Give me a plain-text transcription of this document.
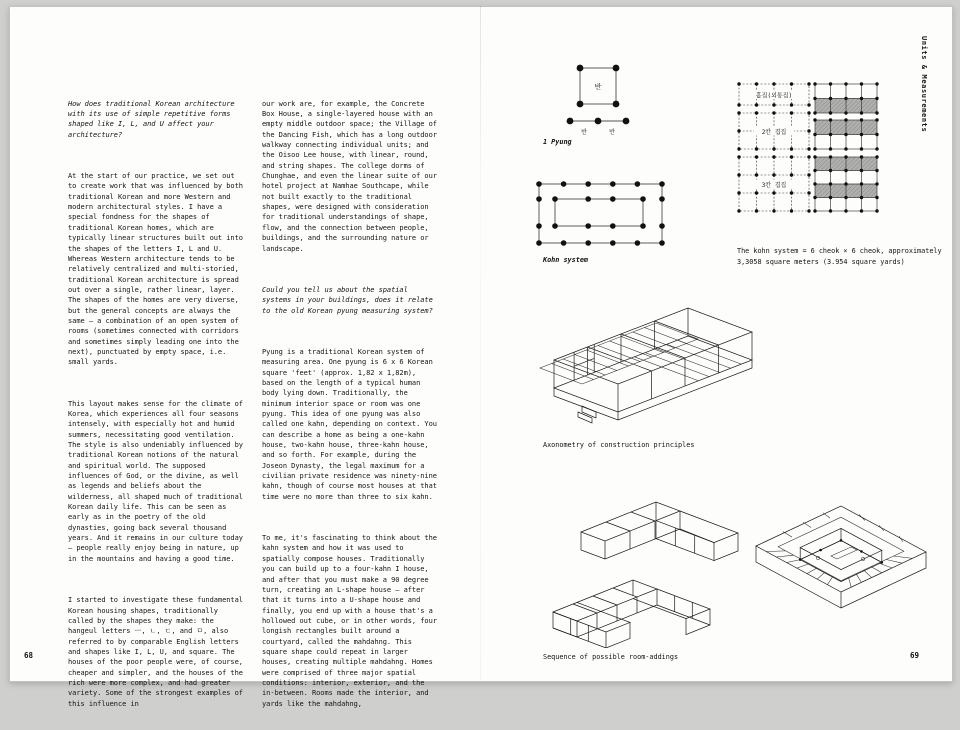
How does traditional Korean architecture with its use of simple repetitive forms shaped like I, L, and U affect your architecture?

At the start of our practice, we set out to create work that was influenced by both traditional Korean and more Western and modern architectural styles. I have a special fondness for the shapes of traditional Korean homes, which are typically linear structures built out into the shapes of the letters I, L and U. Whereas Western architecture tends to be relatively centralized and multi-storied, traditional Korean architecture is spread out over a single, rather linear, layer. The shapes of the homes are very diverse, but the general concepts are always the same — a combination of an open system of rooms (sometimes connected with corridors and sometimes simply leading one into the next), punctuated by empty space, i.e. small yards.

This layout makes sense for the climate of Korea, which experiences all four seasons intensely, with especially hot and humid summers, necessitating good ventilation. The style is also undeniably influenced by traditional Korean notions of the natural and spiritual world. The supposed influences of God, or the divine, as well as legends and beliefs about the wilderness, all shaped much of traditional Korean daily life. This can be seen as early as in the poetry of the old dynasties, going back several thousand years. And it remains in our culture today – people really enjoy being in nature, up in the mountains and having a good time.

I started to investigate these fundamental Korean housing shapes, traditionally called by the shapes they make: the hangeul letters ㅡ, ㄴ, ㄷ, and ㅁ, also referred to by comparable English letters and shapes like I, L, U, and square. The houses of the poor people were, of course, cheaper and simpler, and the houses of the rich were more complex, and had greater variety. Some of the strongest examples of this influence in

our work are, for example, the Concrete Box House, a single-layered house with an empty middle outdoor space; the Village of the Dancing Fish, which has a long outdoor walkway connecting individual units; and the Oisoo Lee house, with linear, round, and string shapes. The college dorms of Chunghae, and even the linear suite of our hotel project at Namhae Southcape, while not built exactly to the traditional shapes, were designed with consideration for traditional understandings of shape, flow, and the connection between people, buildings, and the surrounding nature or landscape.

Could you tell us about the spatial systems in your buildings, does it relate to the old Korean pyung measuring system?

Pyung is a traditional Korean system of measuring area. One pyung is 6 x 6 Korean square 'feet' (approx. 1,82 x 1,82m), based on the length of a typical human body lying down. Traditionally, the minimum interior space or room was one pyung. This idea of one pyung was also called one kahn, depending on context. You can describe a home as being a one-kahn house, two-kahn house, three-kahn house, and so forth. For example, during the Joseon Dynasty, the legal maximum for a civilian private residence was ninety-nine kahn, though of course most houses at that time were no more than three to six kahn.

To me, it's fascinating to think about the kahn system and how it was used to spatially compose houses. Traditionally you can build up to a four-kahn I house, and after that you must make a 90 degree turn, creating an L-shape house — after that it turns into a U-shape house and finally, you end up with a house that's a hollowed out cube, or in other words, four longish rectangles built around a courtyard, called the mahdahng. This square shape could repeat in larger houses, creating multiple mahdahng. Homes were comprised of three major spatial conditions: interior, exterior, and the in-between. Rooms made the interior, and yards like the mahdahng,

68	69
Units & Measurements
반
반	반
1 Pyung
Kohn system
홑집(외통집)
2칸 겹집
3칸 겹집
The kohn system = 6 cheok × 6 cheok, approximately
3,3058 square meters (3.954 square yards)
Axonometry of construction principles
Sequence of possible room-addings
